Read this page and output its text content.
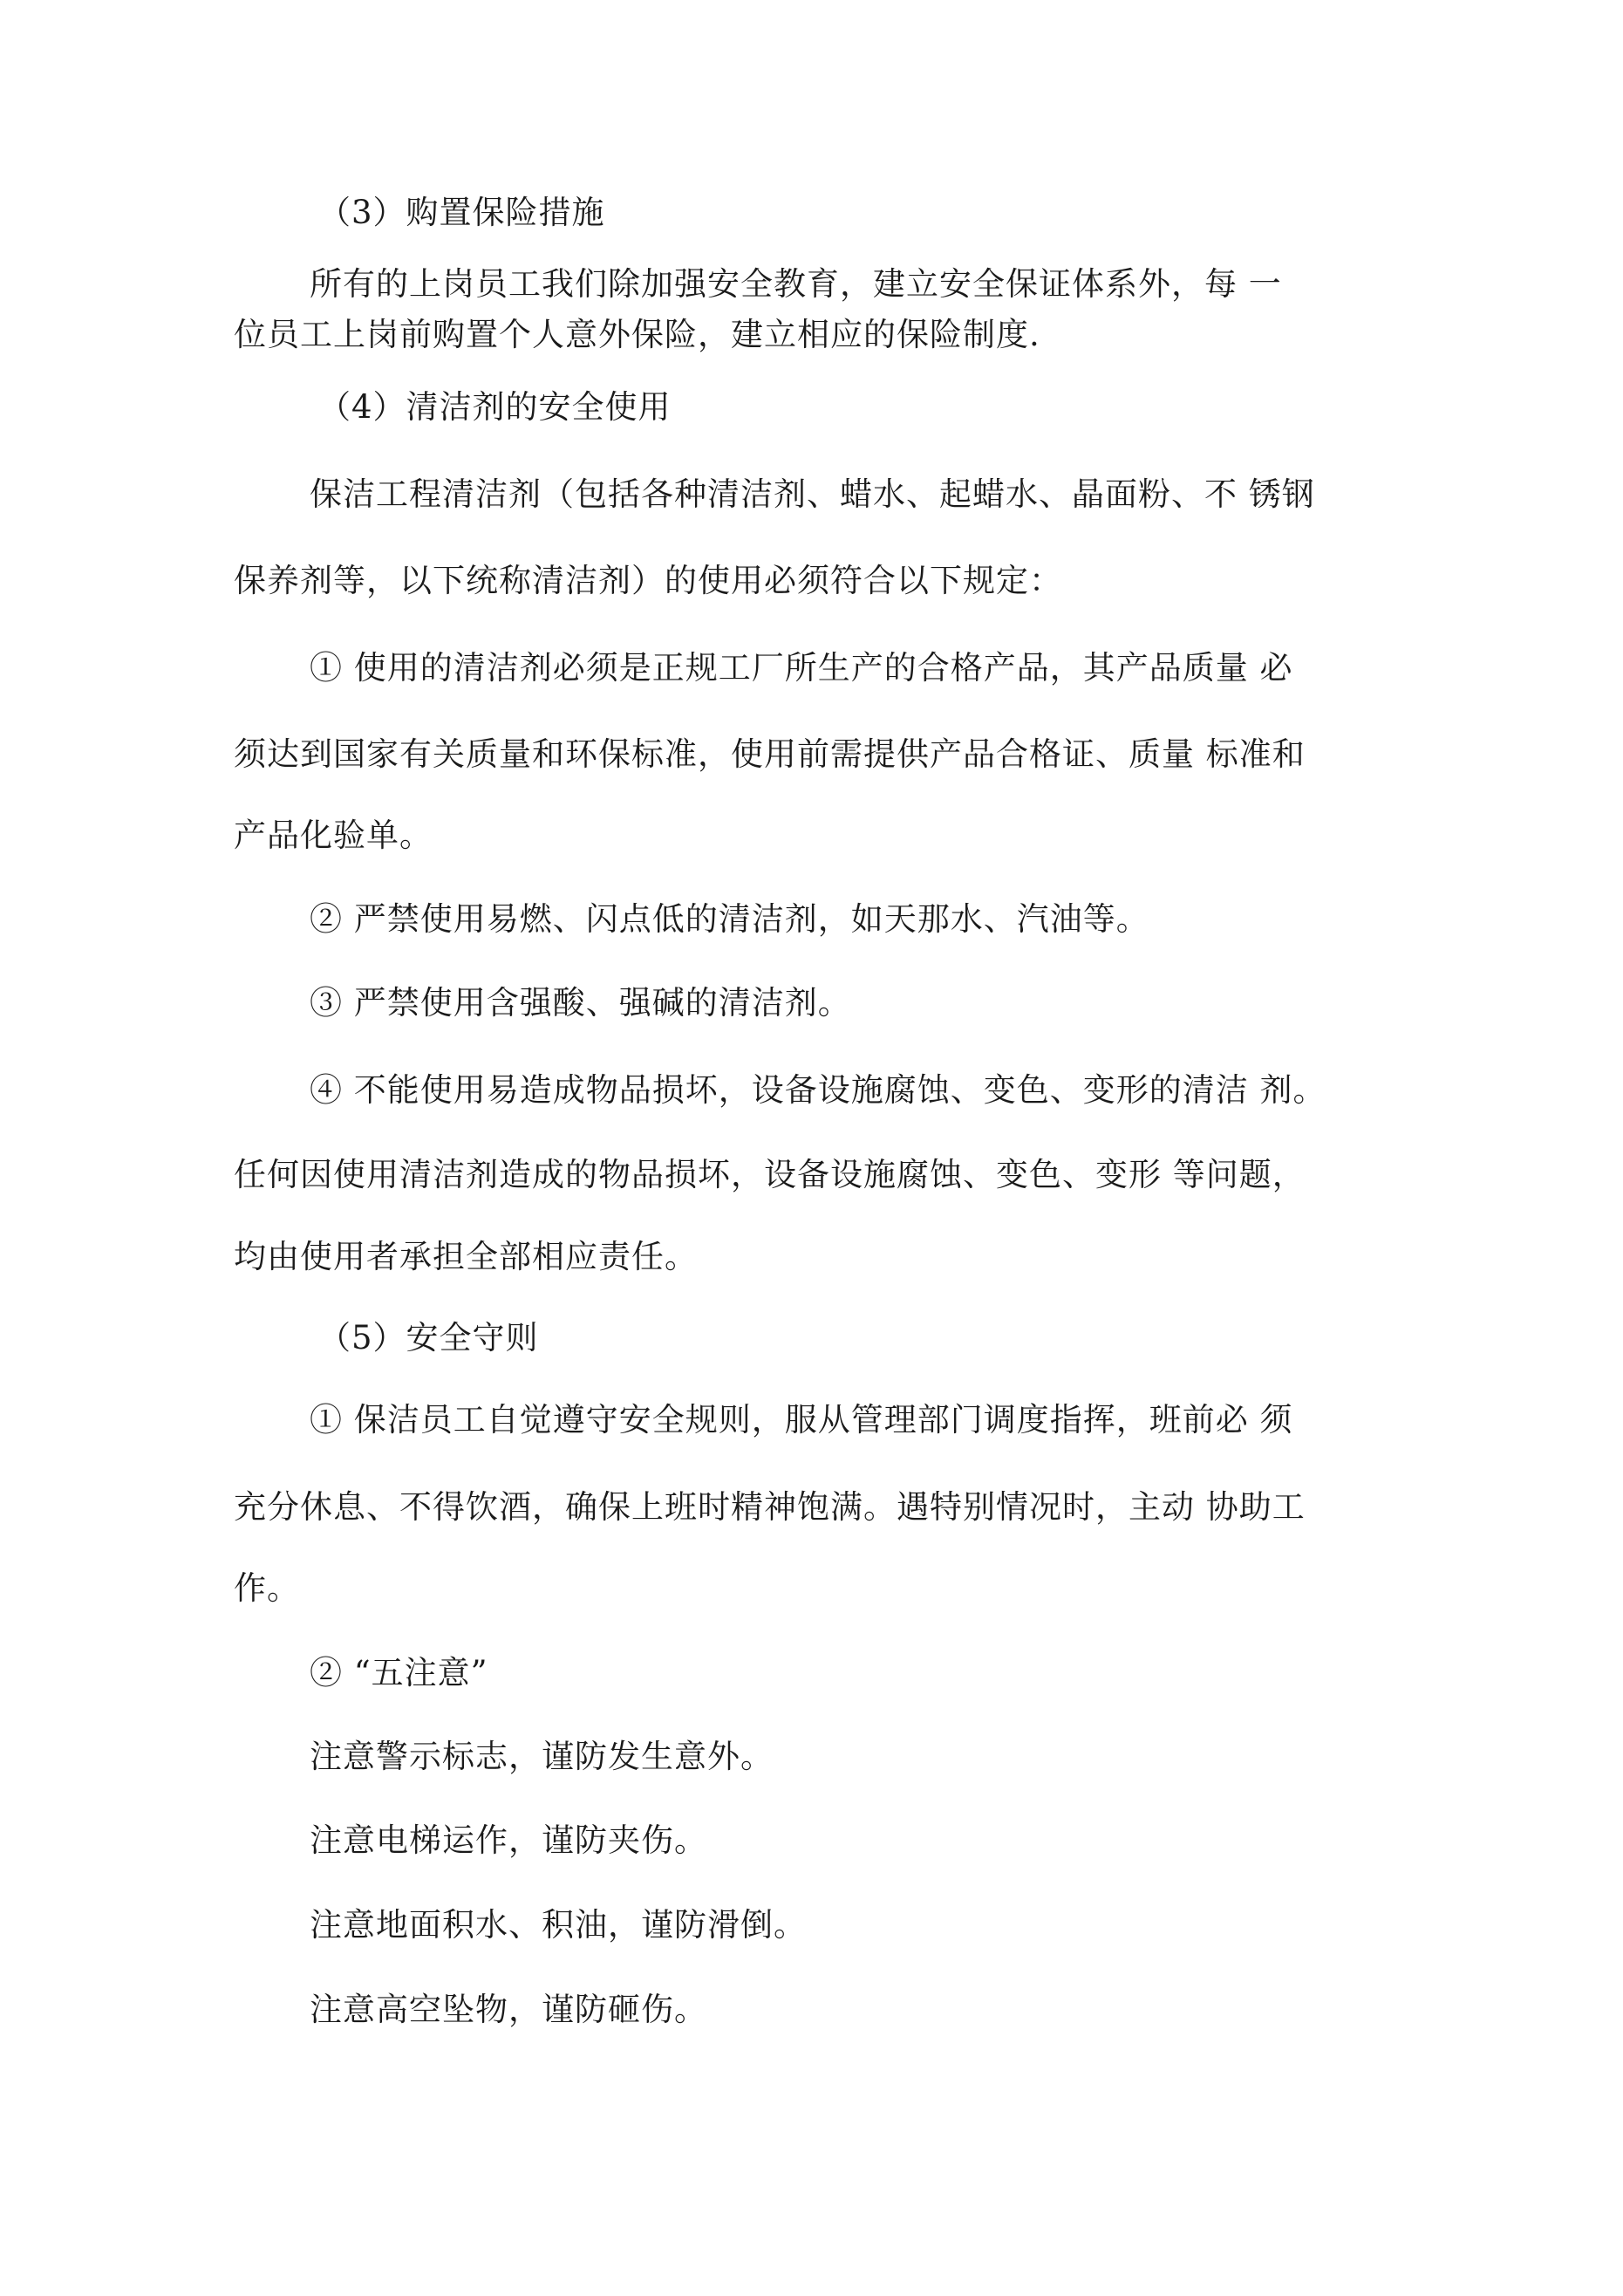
（3）购置保险措施
所有的上岗员工我们除加强安全教育，建立安全保证体系外，每 一
位员工上岗前购置个人意外保险，建立相应的保险制度.
（4）清洁剂的安全使用
保洁工程清洁剂（包括各种清洁剂、蜡水、起蜡水、晶面粉、不 锈钢
保养剂等，以下统称清洁剂）的使用必须符合以下规定：
① 使用的清洁剂必须是正规工厂所生产的合格产品，其产品质量 必
须达到国家有关质量和环保标准，使用前需提供产品合格证、质量 标准和
产品化验单。
② 严禁使用易燃、闪点低的清洁剂，如天那水、汽油等。
③ 严禁使用含强酸、强碱的清洁剂。
④ 不能使用易造成物品损坏，设备设施腐蚀、变色、变形的清洁 剂。
任何因使用清洁剂造成的物品损坏，设备设施腐蚀、变色、变形 等问题，
均由使用者承担全部相应责任。
（5）安全守则
① 保洁员工自觉遵守安全规则，服从管理部门调度指挥，班前必 须
充分休息、不得饮酒，确保上班时精神饱满。遇特别情况时，主动 协助工
作。
② “五注意”
注意警示标志，谨防发生意外。
注意电梯运作，谨防夹伤。
注意地面积水、积油，谨防滑倒。
注意高空坠物，谨防砸伤。
